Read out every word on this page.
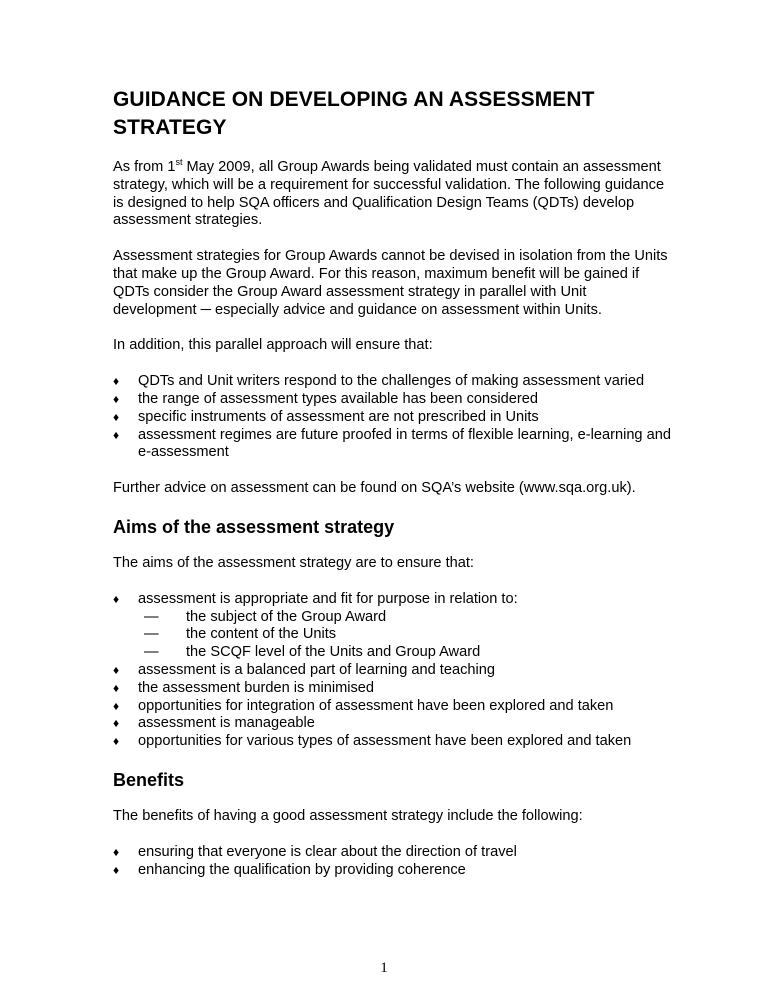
GUIDANCE ON DEVELOPING AN ASSESSMENT STRATEGY

As from 1st May 2009, all Group Awards being validated must contain an assessment strategy, which will be a requirement for successful validation. The following guidance is designed to help SQA officers and Qualification Design Teams (QDTs) develop assessment strategies.

Assessment strategies for Group Awards cannot be devised in isolation from the Units that make up the Group Award. For this reason, maximum benefit will be gained if QDTs consider the Group Award assessment strategy in parallel with Unit development ─ especially advice and guidance on assessment within Units.

In addition, this parallel approach will ensure that:

♦ QDTs and Unit writers respond to the challenges of making assessment varied
♦ the range of assessment types available has been considered
♦ specific instruments of assessment are not prescribed in Units
♦ assessment regimes are future proofed in terms of flexible learning, e-learning and e-assessment

Further advice on assessment can be found on SQA’s website (www.sqa.org.uk).

Aims of the assessment strategy

The aims of the assessment strategy are to ensure that:

♦ assessment is appropriate and fit for purpose in relation to:
— the subject of the Group Award
— the content of the Units
— the SCQF level of the Units and Group Award
♦ assessment is a balanced part of learning and teaching
♦ the assessment burden is minimised
♦ opportunities for integration of assessment have been explored and taken
♦ assessment is manageable
♦ opportunities for various types of assessment have been explored and taken
Benefits

The benefits of having a good assessment strategy include the following:

♦ ensuring that everyone is clear about the direction of travel
♦ enhancing the qualification by providing coherence
1
